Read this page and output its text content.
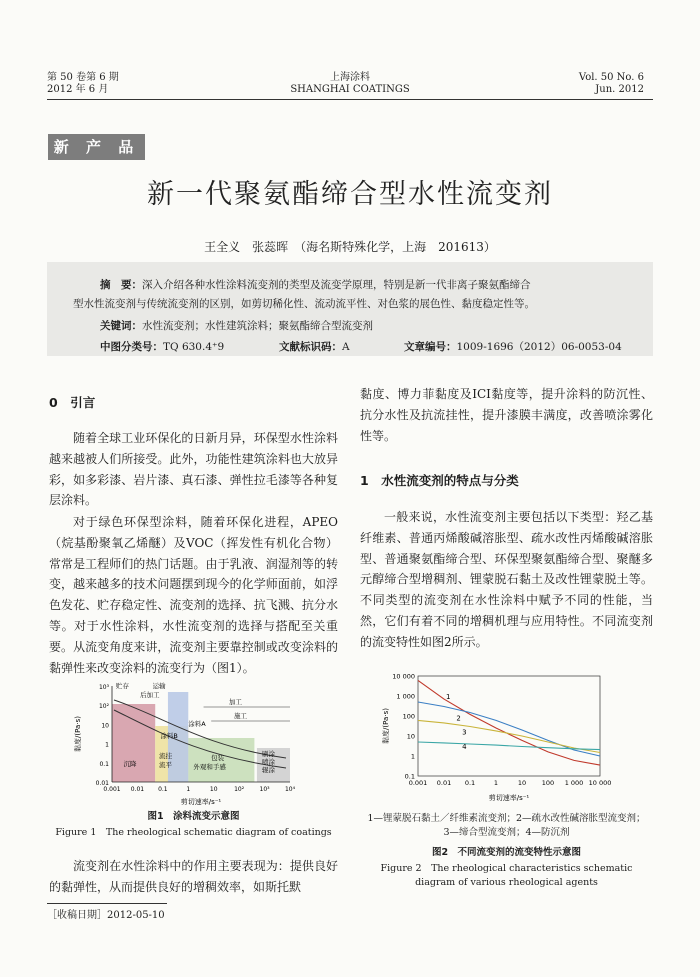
第 50 卷第 6 期
2012 年 6 月
上海涂料
SHANGHAI COATINGS
Vol. 50 No. 6
Jun. 2012
新 产 品
新一代聚氨酯缔合型水性流变剂
王全义　张蕊晖　（海名斯特殊化学，上海　201613）
摘　要：深入介绍各种水性涂料流变剂的类型及流变学原理，特别是新一代非离子聚氨酯缔合
型水性流变剂与传统流变剂的区别，如剪切稀化性、流动流平性、对色浆的展色性、黏度稳定性等。
关键词：水性流变剂；水性建筑涂料；聚氨酯缔合型流变剂
中图分类号：TQ 630.4⁺9	文献标识码：A	文章编号：1009-1696（2012）06-0053-04
0　引言

随着全球工业环保化的日新月异，环保型水性涂料越来越被人们所接受。此外，功能性建筑涂料也大放异彩，如多彩漆、岩片漆、真石漆、弹性拉毛漆等各种复层涂料。

对于绿色环保型涂料，随着环保化进程，APEO（烷基酚聚氧乙烯醚）及VOC（挥发性有机化合物）常常是工程师们的热门话题。由于乳液、润湿剂等的转变，越来越多的技术问题摆到现今的化学师面前，如浮色发花、贮存稳定性、流变剂的选择、抗飞溅、抗分水等。对于水性涂料，水性流变剂的选择与搭配至关重要。从流变角度来讲，流变剂主要靠控制或改变涂料的黏弹性来改变涂料的流变行为（图1）。

10³
10²
10
1
0.1
0.01
0.001 0.01 0.1	1	10	10²	10³	10⁴
剪切速率/s⁻¹
黏度/(Pa·s)
贮存	运输
后加工
加工
施工
涂料A
涂料B
沉降
流挂
流平
包装
外观和手感
刷涂
喷涂
辊涂
图1　涂料流变示意图
Figure 1　The rheological schematic diagram of coatings

流变剂在水性涂料中的作用主要表现为：提供良好的黏弹性，从而提供良好的增稠效率，如斯托默

［收稿日期］2012-05-10

黏度、博力菲黏度及ICI黏度等，提升涂料的防沉性、抗分水性及抗流挂性，提升漆膜丰满度，改善喷涂雾化性等。

1　水性流变剂的特点与分类

一般来说，水性流变剂主要包括以下类型：羟乙基纤维素、普通丙烯酸碱溶胀型、疏水改性丙烯酸碱溶胀型、普通聚氨酯缔合型、环保型聚氨酯缔合型、聚醚多元醇缔合型增稠剂、锂蒙脱石黏土及改性锂蒙脱土等。不同类型的流变剂在水性涂料中赋予不同的性能，当然，它们有着不同的增稠机理与应用特性。不同流变剂的流变特性如图2所示。

10 000
1 000
100
10
1
0.1
0.001 0.01 0.1	1	10 100 1 000 10 000
剪切速率/s⁻¹
黏度/(Pa·s)
1
2
3
4
1—锂蒙脱石黏土／纤维素流变剂；2—疏水改性碱溶胀型流变剂；
3—缔合型流变剂；4—防沉剂
图2　不同流变剂的流变特性示意图
Figure 2　The rheological characteristics schematic
diagram of various rheological agents
